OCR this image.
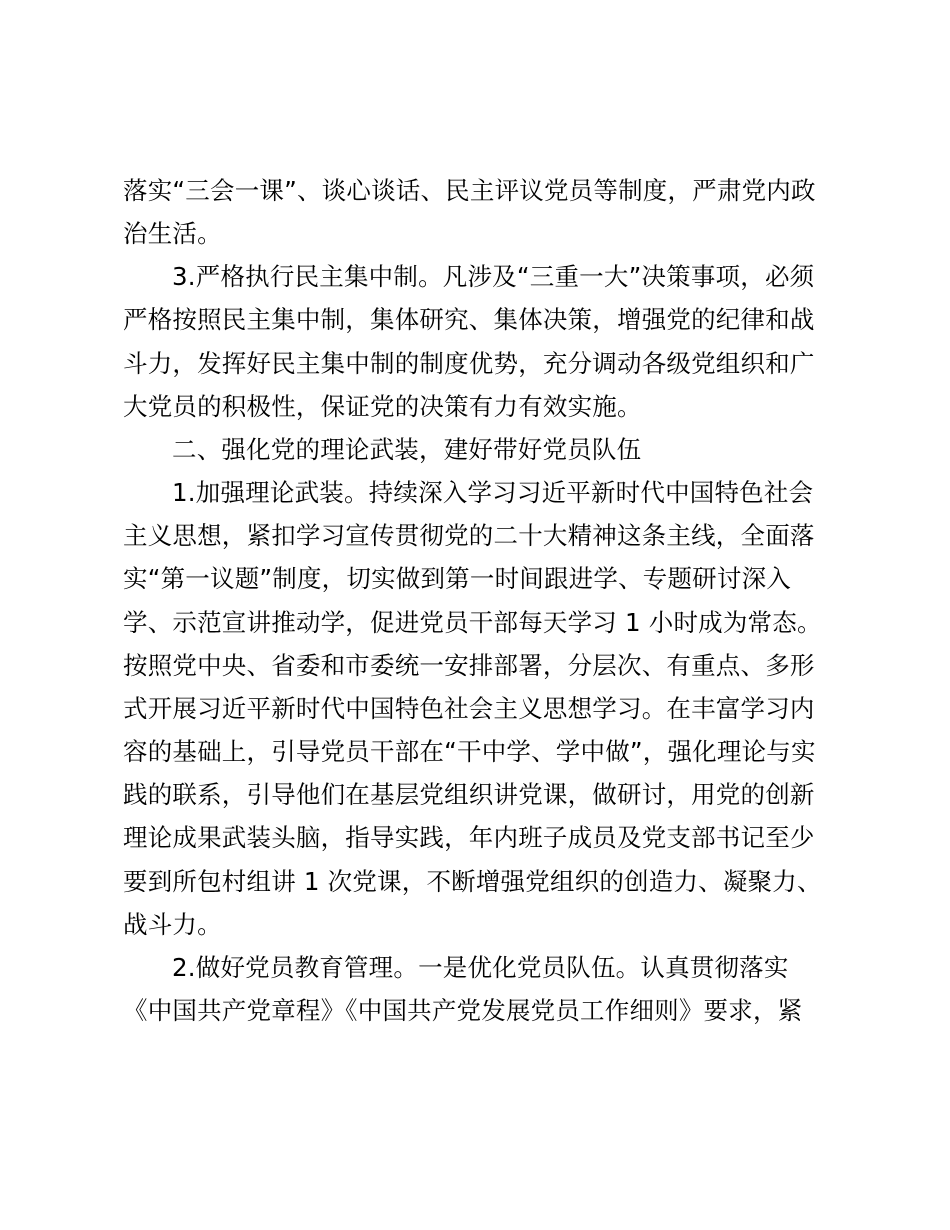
落实“三会一课”、谈心谈话、民主评议党员等制度，严肃党内政
治生活。
3.严格执行民主集中制。凡涉及“三重一大”决策事项，必须
严格按照民主集中制，集体研究、集体决策，增强党的纪律和战
斗力，发挥好民主集中制的制度优势，充分调动各级党组织和广
大党员的积极性，保证党的决策有力有效实施。
二、强化党的理论武装，建好带好党员队伍
1.加强理论武装。持续深入学习习近平新时代中国特色社会
主义思想，紧扣学习宣传贯彻党的二十大精神这条主线，全面落
实“第一议题”制度，切实做到第一时间跟进学、专题研讨深入
学、示范宣讲推动学，促进党员干部每天学习 1 小时成为常态。
按照党中央、省委和市委统一安排部署，分层次、有重点、多形
式开展习近平新时代中国特色社会主义思想学习。在丰富学习内
容的基础上，引导党员干部在“干中学、学中做”，强化理论与实
践的联系，引导他们在基层党组织讲党课，做研讨，用党的创新
理论成果武装头脑，指导实践，年内班子成员及党支部书记至少
要到所包村组讲 1 次党课，不断增强党组织的创造力、凝聚力、
战斗力。
2.做好党员教育管理。一是优化党员队伍。认真贯彻落实
《中国共产党章程》《中国共产党发展党员工作细则》要求，紧
